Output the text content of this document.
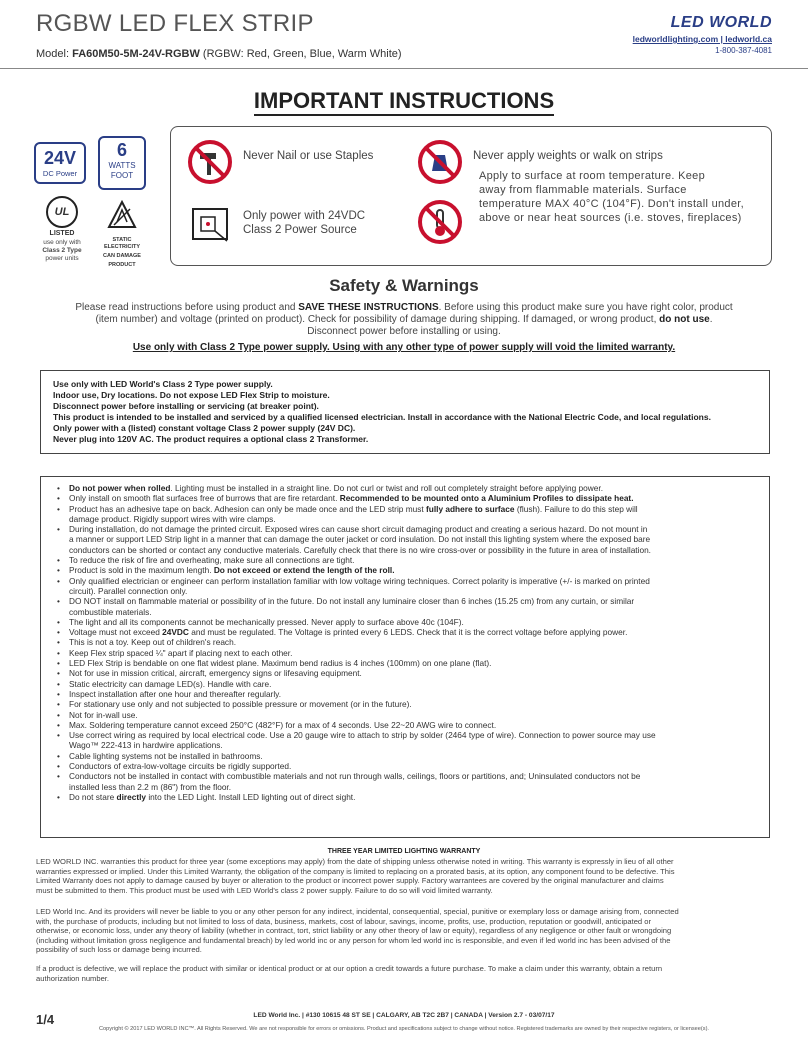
RGBW LED FLEX STRIP
Model: FA60M50-5M-24V-RGBW (RGBW: Red, Green, Blue, Warm White)
LED WORLD
ledworldlighting.com | ledworld.ca
1-800-387-4081
IMPORTANT INSTRUCTIONS
24V
DC Power
6
WATTS
FOOT
UL
LISTED
use only with
Class 2 Type
power units
STATIC ELECTRICITY
CAN DAMAGE
PRODUCT
Never Nail or use Staples	Never apply weights or walk on strips
Only power with 24VDC
Class 2 Power Source
Apply to surface at room temperature. Keep
away from flammable materials. Surface
temperature MAX 40°C (104°F). Don't install under,
above or near heat sources (i.e. stoves, fireplaces)
Safety & Warnings
Please read instructions before using product and SAVE THESE INSTRUCTIONS. Before using this product make sure you have right color, product
(item number) and voltage (printed on product). Check for possibility of damage during shipping. If damaged, or wrong product, do not use.
Disconnect power before installing or using.
Use only with Class 2 Type power supply. Using with any other type of power supply will void the limited warranty.
Use only with LED World's Class 2 Type power supply.
Indoor use, Dry locations. Do not expose LED Flex Strip to moisture.
Disconnect power before installing or servicing (at breaker point).
This product is intended to be installed and serviced by a qualified licensed electrician. Install in accordance with the National Electric Code, and local regulations.
Only power with a (listed) constant voltage Class 2 power supply (24V DC).
Never plug into 120V AC. The product requires a optional class 2 Transformer.
• Do not power when rolled. Lighting must be installed in a straight line. Do not curl or twist and roll out completely straight before applying power.
• Only install on smooth flat surfaces free of burrows that are fire retardant. Recommended to be mounted onto a Aluminium Profiles to dissipate heat.
• Product has an adhesive tape on back. Adhesion can only be made once and the LED strip must fully adhere to surface (flush). Failure to do this step will
damage product. Rigidly support wires with wire clamps.
• During installation, do not damage the printed circuit. Exposed wires can cause short circuit damaging product and creating a serious hazard. Do not mount in
a manner or support LED Strip light in a manner that can damage the outer jacket or cord insulation. Do not install this lighting system where the exposed bare
conductors can be shorted or contact any conductive materials. Carefully check that there is no wire cross-over or possibility in the future in area of installation.
• To reduce the risk of fire and overheating, make sure all connections are tight.
• Product is sold in the maximum length. Do not exceed or extend the length of the roll.
• Only qualified electrician or engineer can perform installation familiar with low voltage wiring techniques. Correct polarity is imperative (+/- is marked on printed
circuit). Parallel connection only.
• DO NOT install on flammable material or possibility of in the future. Do not install any luminaire closer than 6 inches (15.25 cm) from any curtain, or similar
combustible materials.
• The light and all its components cannot be mechanically pressed. Never apply to surface above 40c (104F).
• Voltage must not exceed 24VDC and must be regulated. The Voltage is printed every 6 LEDS. Check that it is the correct voltage before applying power.
• This is not a toy. Keep out of children's reach.
• Keep Flex strip spaced ¼" apart if placing next to each other.
• LED Flex Strip is bendable on one flat widest plane. Maximum bend radius is 4 inches (100mm) on one plane (flat).
• Not for use in mission critical, aircraft, emergency signs or lifesaving equipment.
• Static electricity can damage LED(s). Handle with care.
• Inspect installation after one hour and thereafter regularly.
• For stationary use only and not subjected to possible pressure or movement (or in the future).
• Not for in-wall use.
• Max. Soldering temperature cannot exceed 250°C (482°F) for a max of 4 seconds. Use 22~20 AWG wire to connect.
• Use correct wiring as required by local electrical code. Use a 20 gauge wire to attach to strip by solder (2464 type of wire). Connection to power source may use
Wago™ 222-413 in hardwire applications.
• Cable lighting systems not be installed in bathrooms.
• Conductors of extra-low-voltage circuits be rigidly supported.
• Conductors not be installed in contact with combustible materials and not run through walls, ceilings, floors or partitions, and; Uninsulated conductors not be
installed less than 2.2 m (86") from the floor.
• Do not stare directly into the LED Light. Install LED lighting out of direct sight.
THREE YEAR LIMITED LIGHTING WARRANTY
LED WORLD INC. warranties this product for three year (some exceptions may apply) from the date of shipping unless otherwise noted in writing. This warranty is expressly in lieu of all other
warranties expressed or implied. Under this Limited Warranty, the obligation of the company is limited to replacing on a prorated basis, at its option, any component found to be defective. This
Limited Warranty does not apply to damage caused by buyer or alteration to the product or incorrect power supply. Factory warrantees are covered by the original manufacturer and claims
must be submitted to them. This product must be used with LED World's class 2 power supply. Failure to do so will void limited warranty.
LED World Inc. And its providers will never be liable to you or any other person for any indirect, incidental, consequential, special, punitive or exemplary loss or damage arising from, connected
with, the purchase of products, including but not limited to loss of data, business, markets, cost of labour, savings, income, profits, use, production, reputation or goodwill, anticipated or
otherwise, or economic loss, under any theory of liability (whether in contract, tort, strict liability or any other theory of law or equity), regardless of any negligence or other fault or wrongdoing
(including without limitation gross negligence and fundamental breach) by led world inc or any person for whom led world inc is responsible, and even if led world inc has been advised of the
possibility of such loss or damage being incurred.
If a product is defective, we will replace the product with similar or identical product or at our option a credit towards a future purchase. To make a claim under this warranty, obtain a return
authorization number.
1/4	LED World Inc. | #130 10615 48 ST SE | CALGARY, AB T2C 2B7 | CANADA | Version 2.7 - 03/07/17
Copyright © 2017 LED WORLD INC™. All Rights Reserved. We are not responsible for errors or omissions. Product and specifications subject to change without notice. Registered trademarks are owned by their respective registers, or licensee(s).
